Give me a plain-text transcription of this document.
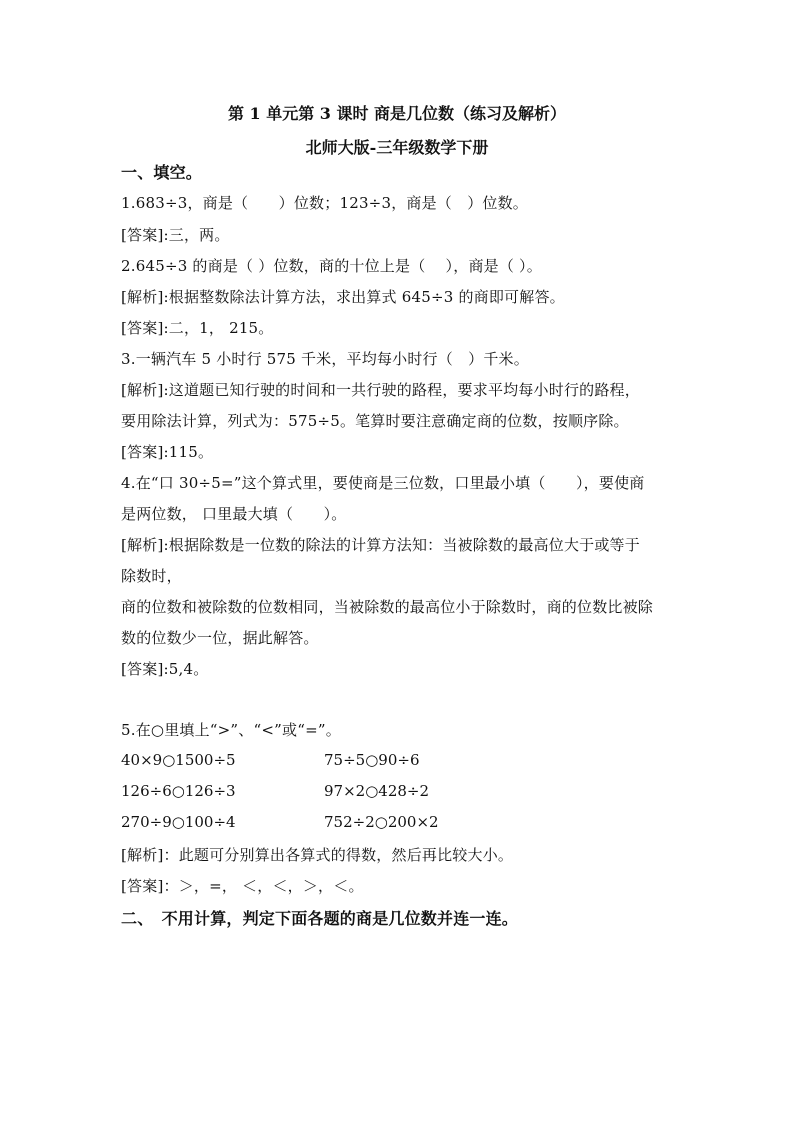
第 1 单元第 3 课时 商是几位数（练习及解析）
北师大版-三年级数学下册
一、填空。
1.683÷3，商是（　　）位数；123÷3，商是（　）位数。
[答案]:三，两。
2.645÷3 的商是（ ）位数，商的十位上是（　 ），商是（ ）。
[解析]:根据整数除法计算方法，求出算式 645÷3 的商即可解答。
[答案]:二，1， 215。
3.一辆汽车 5 小时行 575 千米，平均每小时行（　）千米。
[解析]:这道题已知行驶的时间和一共行驶的路程，要求平均每小时行的路程，
要用除法计算，列式为：575÷5。笔算时要注意确定商的位数，按顺序除。
[答案]:115。
4.在“口 30÷5=”这个算式里，要使商是三位数，口里最小填（　　），要使商
是两位数， 口里最大填（　　）。
[解析]:根据除数是一位数的除法的计算方法知：当被除数的最高位大于或等于
除数时，
商的位数和被除数的位数相同，当被除数的最高位小于除数时，商的位数比被除
数的位数少一位，据此解答。
[答案]:5,4。
5.在○里填上“>”、“<”或“=”。
40×9○1500÷5	75÷5○90÷6
126÷6○126÷3	97×2○428÷2
270÷9○100÷4	752÷2○200×2
[解析]：此题可分别算出各算式的得数，然后再比较大小。
[答案]：＞，=， ＜，＜，＞，＜。
二、　不用计算，判定下面各题的商是几位数并连一连。
